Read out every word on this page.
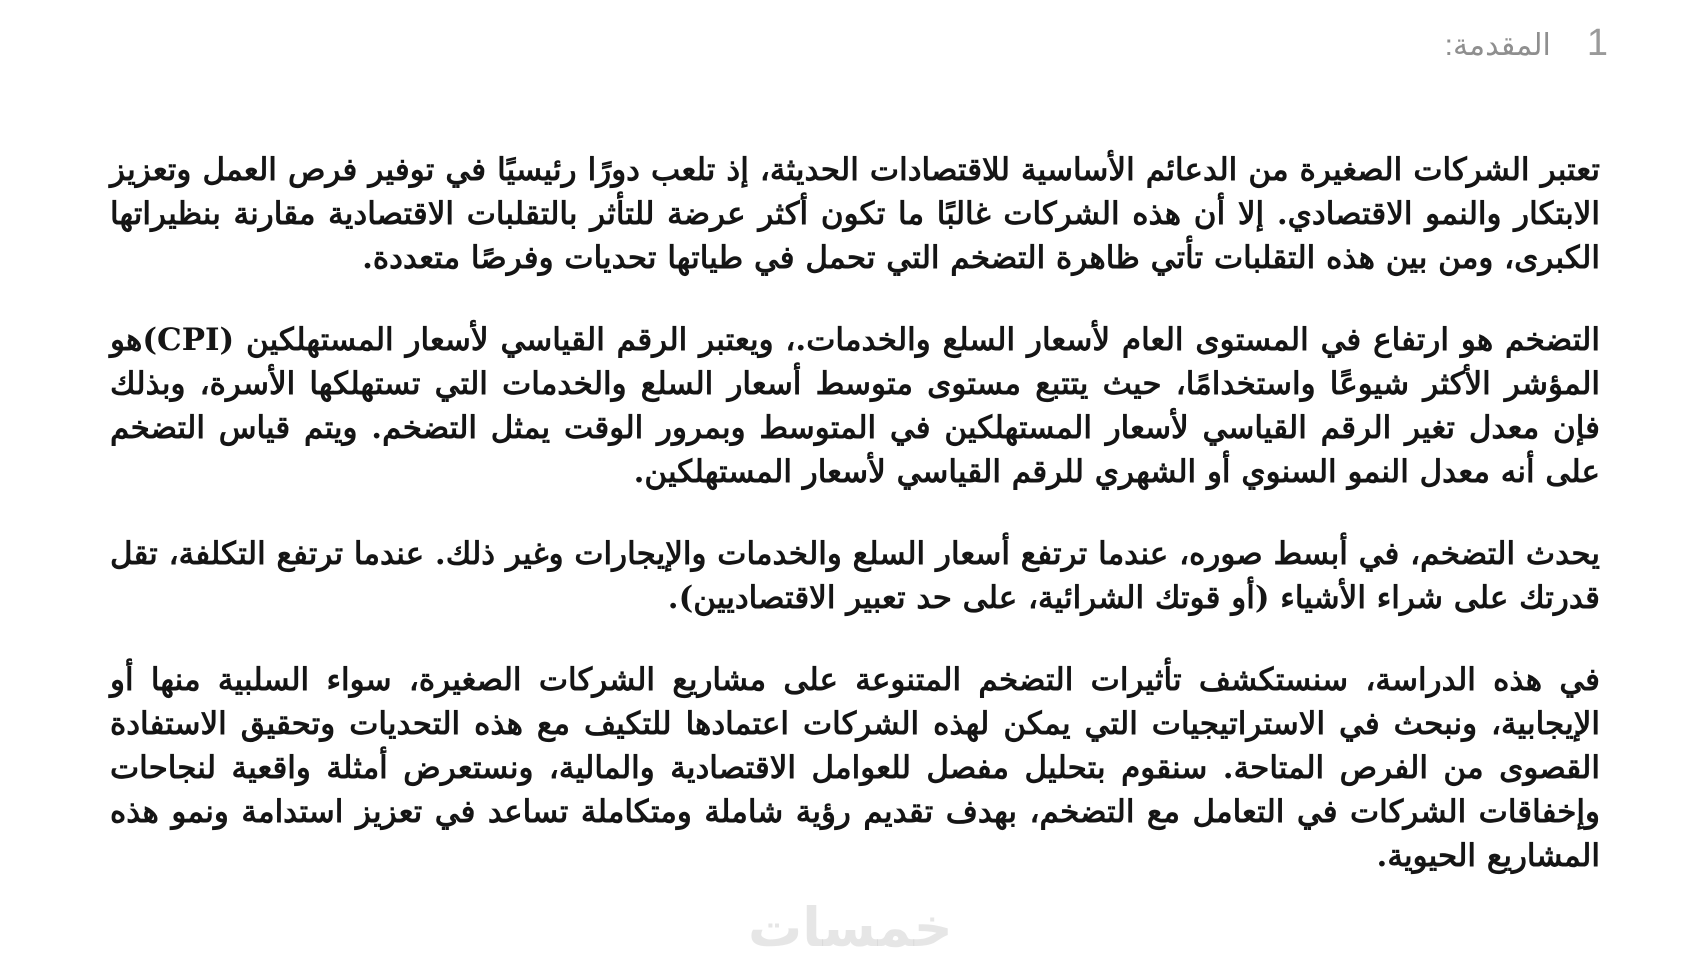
1
المقدمة:

تعتبر الشركات الصغيرة من الدعائم الأساسية للاقتصادات الحديثة، إذ تلعب دورًا رئيسيًا في توفير فرص العمل وتعزيز الابتكار والنمو الاقتصادي. إلا أن هذه الشركات غالبًا ما تكون أكثر عرضة للتأثر بالتقلبات الاقتصادية مقارنة بنظيراتها الكبرى، ومن بين هذه التقلبات تأتي ظاهرة التضخم التي تحمل في طياتها تحديات وفرصًا متعددة.

التضخم هو ارتفاع في المستوى العام لأسعار السلع والخدمات.، ويعتبر الرقم القياسي لأسعار المستهلكين (CPI)هو المؤشر الأكثر شيوعًا واستخدامًا، حيث يتتبع مستوى متوسط أسعار السلع والخدمات التي تستهلكها الأسرة، وبذلك فإن معدل تغير الرقم القياسي لأسعار المستهلكين في المتوسط وبمرور الوقت يمثل التضخم. ويتم قياس التضخم على أنه معدل النمو السنوي أو الشهري للرقم القياسي لأسعار المستهلكين.

يحدث التضخم، في أبسط صوره، عندما ترتفع أسعار السلع والخدمات والإيجارات وغير ذلك. عندما ترتفع التكلفة، تقل قدرتك على شراء الأشياء (أو قوتك الشرائية، على حد تعبير الاقتصاديين).

في هذه الدراسة، سنستكشف تأثيرات التضخم المتنوعة على مشاريع الشركات الصغيرة، سواء السلبية منها أو الإيجابية، ونبحث في الاستراتيجيات التي يمكن لهذه الشركات اعتمادها للتكيف مع هذه التحديات وتحقيق الاستفادة القصوى من الفرص المتاحة. سنقوم بتحليل مفصل للعوامل الاقتصادية والمالية، ونستعرض أمثلة واقعية لنجاحات وإخفاقات الشركات في التعامل مع التضخم، بهدف تقديم رؤية شاملة ومتكاملة تساعد في تعزيز استدامة ونمو هذه المشاريع الحيوية.

خمسات
